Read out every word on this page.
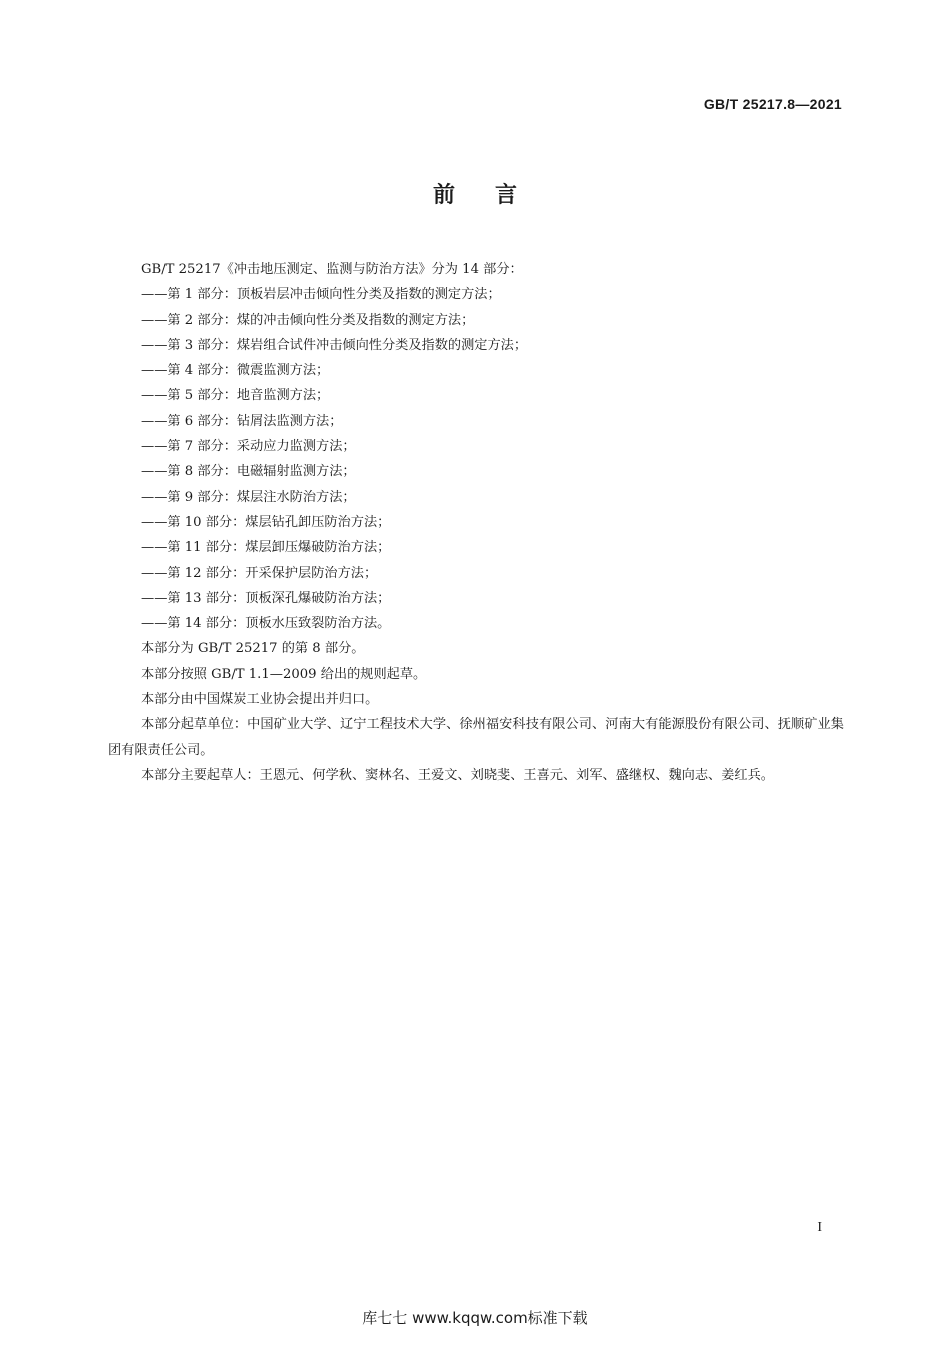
GB/T 25217.8—2021
前言

GB/T 25217《冲击地压测定、监测与防治方法》分为 14 部分：

——第 1 部分：顶板岩层冲击倾向性分类及指数的测定方法；

——第 2 部分：煤的冲击倾向性分类及指数的测定方法；

——第 3 部分：煤岩组合试件冲击倾向性分类及指数的测定方法；

——第 4 部分：微震监测方法；

——第 5 部分：地音监测方法；

——第 6 部分：钻屑法监测方法；

——第 7 部分：采动应力监测方法；

——第 8 部分：电磁辐射监测方法；

——第 9 部分：煤层注水防治方法；

——第 10 部分：煤层钻孔卸压防治方法；

——第 11 部分：煤层卸压爆破防治方法；

——第 12 部分：开采保护层防治方法；

——第 13 部分：顶板深孔爆破防治方法；

——第 14 部分：顶板水压致裂防治方法。

本部分为 GB/T 25217 的第 8 部分。

本部分按照 GB/T 1.1—2009 给出的规则起草。

本部分由中国煤炭工业协会提出并归口。

本部分起草单位：中国矿业大学、辽宁工程技术大学、徐州福安科技有限公司、河南大有能源股份有限公司、抚顺矿业集团有限责任公司。

本部分主要起草人：王恩元、何学秋、窦林名、王爱文、刘晓斐、王喜元、刘军、盛继权、魏向志、姜红兵。

I
库七七 www.kqqw.com标准下载
